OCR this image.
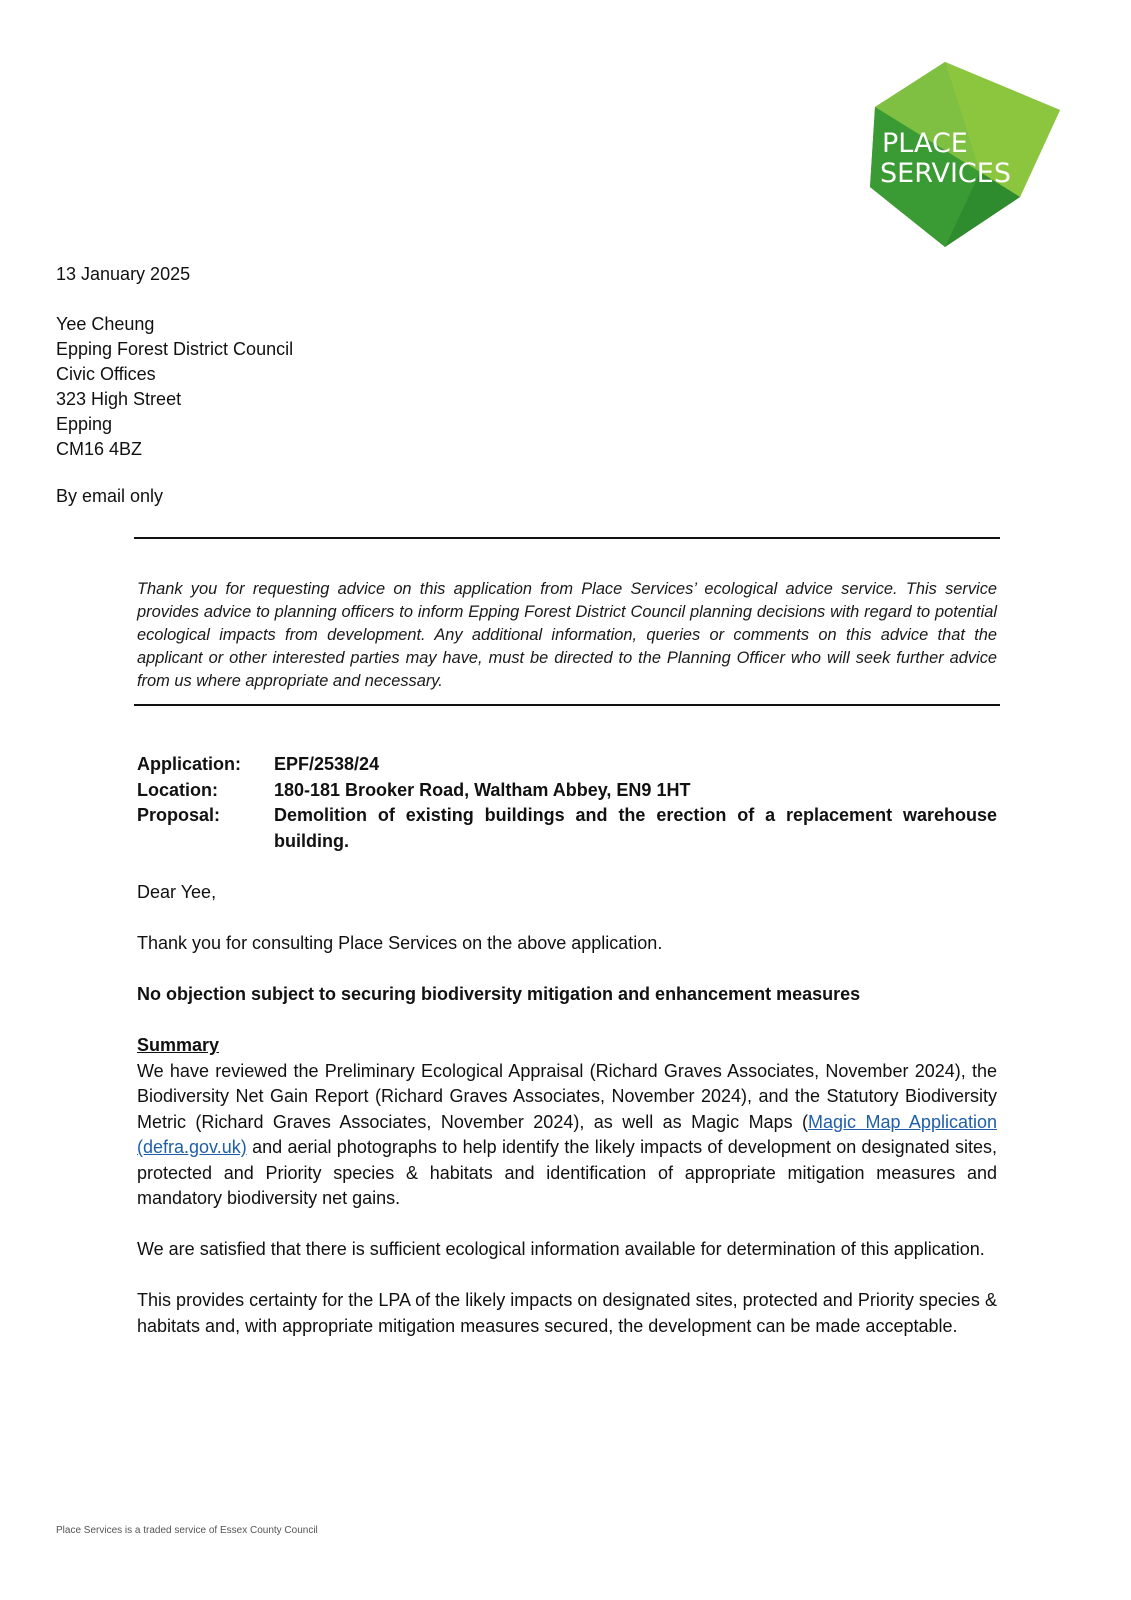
PLACE
SERVICES
13 January 2025
Yee Cheung
Epping Forest District Council
Civic Offices
323 High Street
Epping
CM16 4BZ
By email only
Thank you for requesting advice on this application from Place Services’ ecological advice service. This service provides advice to planning officers to inform Epping Forest District Council planning decisions with regard to potential ecological impacts from development. Any additional information, queries or comments on this advice that the applicant or other interested parties may have, must be directed to the Planning Officer who will seek further advice from us where appropriate and necessary.
Application:	EPF/2538/24
Location:	180-181 Brooker Road, Waltham Abbey, EN9 1HT
Proposal:	Demolition of existing buildings and the erection of a replacement warehouse building.

Dear Yee,

Thank you for consulting Place Services on the above application.

No objection subject to securing biodiversity mitigation and enhancement measures

Summary

We have reviewed the Preliminary Ecological Appraisal (Richard Graves Associates, November 2024), the Biodiversity Net Gain Report (Richard Graves Associates, November 2024), and the Statutory Biodiversity Metric (Richard Graves Associates, November 2024), as well as Magic Maps (Magic Map Application (defra.gov.uk) and aerial photographs to help identify the likely impacts of development on designated sites, protected and Priority species & habitats and identification of appropriate mitigation measures and mandatory biodiversity net gains.

We are satisfied that there is sufficient ecological information available for determination of this application.

This provides certainty for the LPA of the likely impacts on designated sites, protected and Priority species & habitats and, with appropriate mitigation measures secured, the development can be made acceptable.

Place Services is a traded service of Essex County Council
